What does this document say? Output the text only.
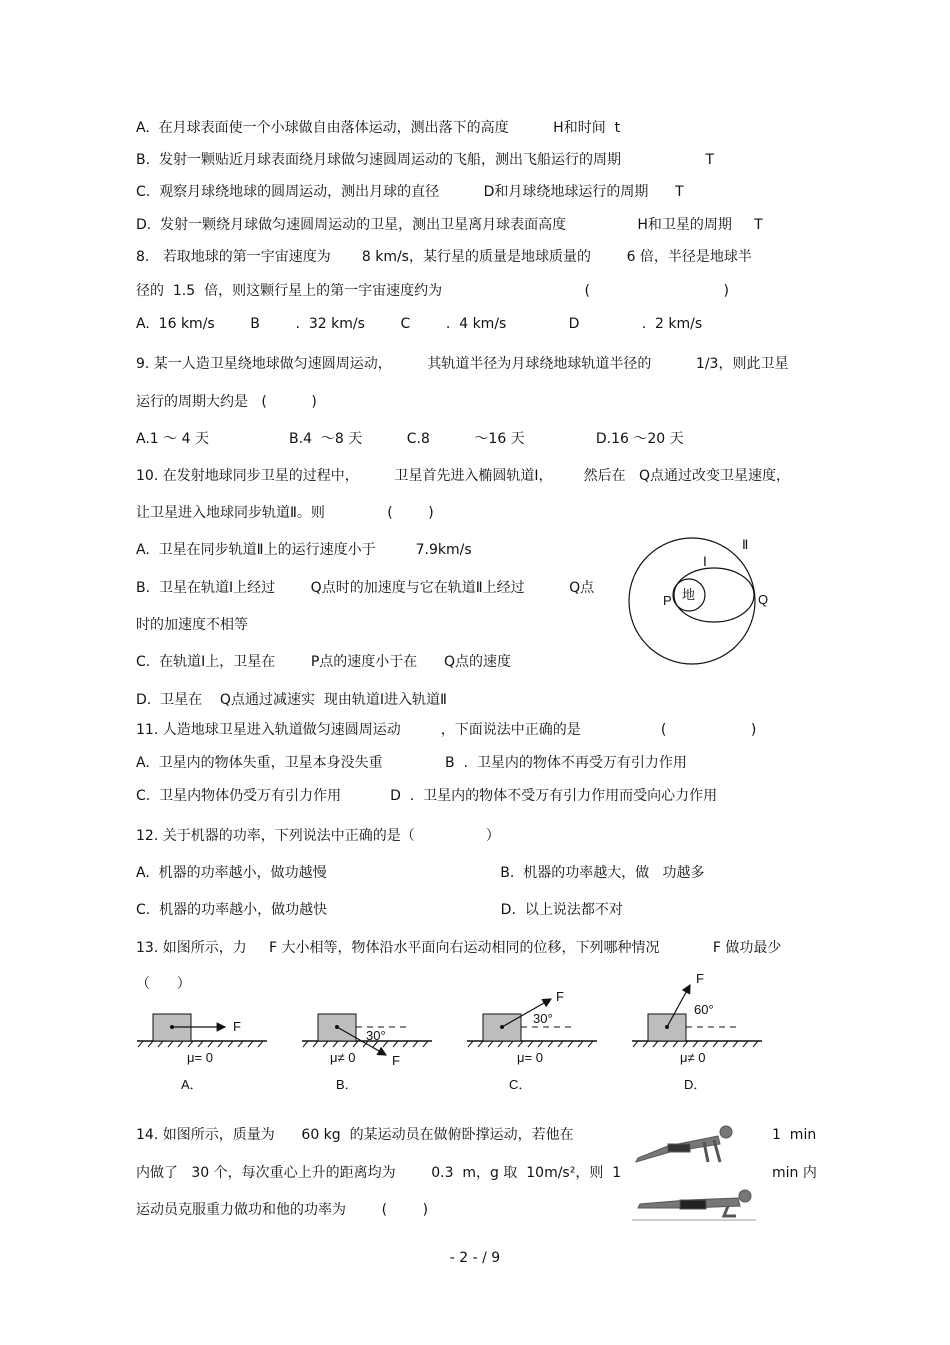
A.  在月球表面使一个小球做自由落体运动，测出落下的高度          H和时间  t
B.  发射一颗贴近月球表面绕月球做匀速圆周运动的飞船，测出飞船运行的周期                   T
C.  观察月球绕地球的圆周运动，测出月球的直径          D和月球绕地球运行的周期      T
D.  发射一颗绕月球做匀速圆周运动的卫星，测出卫星离月球表面高度                H和卫星的周期     T
8.   若取地球的第一宇宙速度为       8 km/s，某行星的质量是地球质量的        6 倍，半径是地球半
径的  1.5  倍，则这颗行星上的第一宇宙速度约为                                (                              )
A.  16 km/s        B        .  32 km/s        C        .  4 km/s              D              .  2 km/s
9. 某一人造卫星绕地球做匀速圆周运动，        其轨道半径为月球绕地球轨道半径的          1/3，则此卫星
运行的周期大约是   (          )
A.1 ～ 4 天                  B.4  ～8 天          C.8          ～16 天                D.16 ～20 天
10. 在发射地球同步卫星的过程中，        卫星首先进入椭圆轨道Ⅰ，       然后在   Q点通过改变卫星速度，
让卫星进入地球同步轨道Ⅱ。则              (        )
A.  卫星在同步轨道Ⅱ上的运行速度小于         7.9km/s
B.  卫星在轨道Ⅰ上经过        Q点时的加速度与它在轨道Ⅱ上经过          Q点
时的加速度不相等
C.  在轨道Ⅰ上，卫星在        P点的速度小于在      Q点的速度
D.  卫星在    Q点通过减速实  现由轨道Ⅰ进入轨道Ⅱ
11. 人造地球卫星进入轨道做匀速圆周运动         ，下面说法中正确的是                  (                   )
A.  卫星内的物体失重，卫星本身没失重              B  .  卫星内的物体不再受万有引力作用
C.  卫星内物体仍受万有引力作用           D  .  卫星内的物体不受万有引力作用而受向心力作用
12. 关于机器的功率，下列说法中正确的是（                ）
A.  机器的功率越小，做功越慢                                       B.  机器的功率越大，做   功越多
C.  机器的功率越小，做功越快                                       D.  以上说法都不对
13. 如图所示，力     F 大小相等，物体沿水平面向右运动相同的位移，下列哪种情况            F 做功最少
（      ）
14. 如图所示，质量为      60 kg  的某运动员在做俯卧撑运动，若他在
内做了   30 个，每次重心上升的距离均为        0.3  m，g 取  10m/s²，则  1
运动员克服重力做功和他的功率为        (        )
1  min
min 内
Ⅱ
Ⅰ
地
P	Q
F
μ= 0
A．
30°
F
μ≠ 0
B．
F
30°
μ= 0
C．
F
60°
μ≠ 0
D．
- 2 - / 9
